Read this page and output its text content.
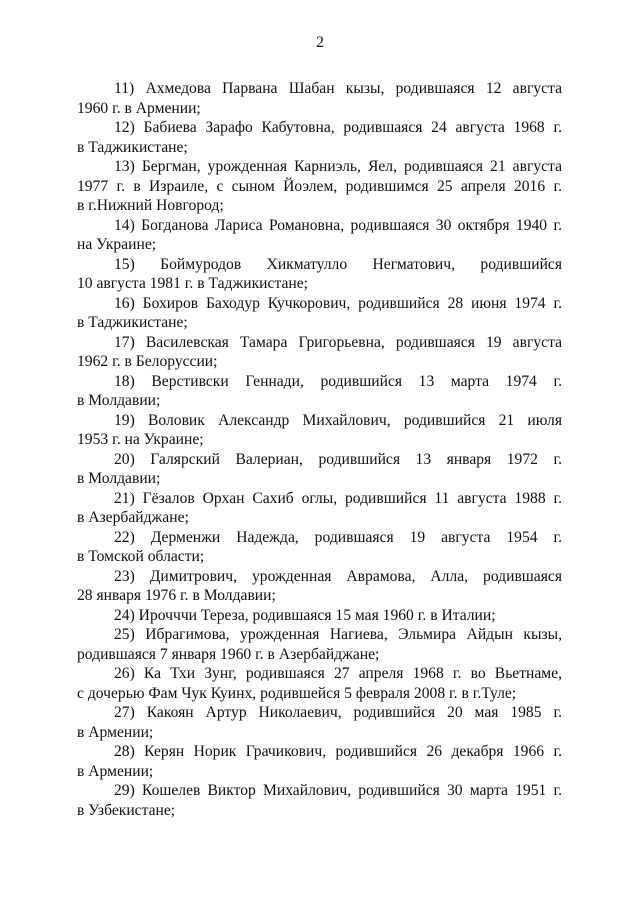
2

11) Ахмедова Парвана Шабан кызы, родившаяся 12 августа
1960 г. в Армении;

12) Бабиева Зарафо Кабутовна, родившаяся 24 августа 1968 г.
в Таджикистане;

13) Бергман, урожденная Карниэль, Яел, родившаяся 21 августа
1977 г. в Израиле, с сыном Йоэлем, родившимся 25 апреля 2016 г.
в г.Нижний Новгород;

14) Богданова Лариса Романовна, родившаяся 30 октября 1940 г.
на Украине;

15) Боймуродов Хикматулло Негматович, родившийся
10 августа 1981 г. в Таджикистане;

16) Бохиров Баходур Кучкорович, родившийся 28 июня 1974 г.
в Таджикистане;

17) Василевская Тамара Григорьевна, родившаяся 19 августа
1962 г. в Белоруссии;

18) Верстивски Геннади, родившийся 13 марта 1974 г.
в Молдавии;

19) Воловик Александр Михайлович, родившийся 21 июля
1953 г. на Украине;

20) Галярский Валериан, родившийся 13 января 1972 г.
в Молдавии;

21) Гёзалов Орхан Сахиб оглы, родившийся 11 августа 1988 г.
в Азербайджане;

22) Дерменжи Надежда, родившаяся 19 августа 1954 г.
в Томской области;

23) Димитрович, урожденная Аврамова, Алла, родившаяся
28 января 1976 г. в Молдавии;

24) Ирочччи Тереза, родившаяся 15 мая 1960 г. в Италии;

25) Ибрагимова, урожденная Нагиева, Эльмира Айдын кызы,
родившаяся 7 января 1960 г. в Азербайджане;

26) Ка Тхи Зунг, родившаяся 27 апреля 1968 г. во Вьетнаме,
с дочерью Фам Чук Куинх, родившейся 5 февраля 2008 г. в г.Туле;

27) Какоян Артур Николаевич, родившийся 20 мая 1985 г.
в Армении;

28) Керян Норик Грачикович, родившийся 26 декабря 1966 г.
в Армении;

29) Кошелев Виктор Михайлович, родившийся 30 марта 1951 г.
в Узбекистане;
